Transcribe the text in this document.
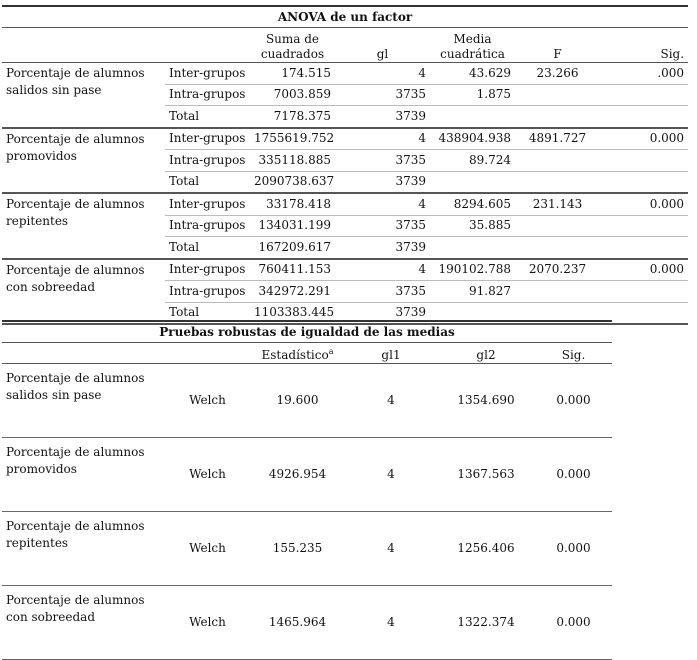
ANOVA de un factor						
		Suma de cuadrados	gl	Media cuadrática	F	Sig.
Porcentaje de alumnos salidos sin pase	Inter-grupos	174.515	4	43.629	23.266	.000
	Intra-grupos	7003.859	3735	1.875		
	Total	7178.375	3739			
Porcentaje de alumnos promovidos	Inter-grupos	1755619.752	4	438904.938	4891.727	0.000
	Intra-grupos	335118.885	3735	89.724		
	Total	2090738.637	3739			
Porcentaje de alumnos repitentes	Inter-grupos	33178.418	4	8294.605	231.143	0.000
	Intra-grupos	134031.199	3735	35.885		
	Total	167209.617	3739			
Porcentaje de alumnos con sobreedad	Inter-grupos	760411.153	4	190102.788	2070.237	0.000
	Intra-grupos	342972.291	3735	91.827		
	Total	1103383.445	3739			
Pruebas robustas de igualdad de las medias					
		Estadístico$^a$	gl1	gl2	Sig.
Porcentaje de alumnos salidos sin pase	Welch	19.600	4	1354.690	0.000
Porcentaje de alumnos promovidos	Welch	4926.954	4	1367.563	0.000
Porcentaje de alumnos repitentes	Welch	155.235	4	1256.406	0.000
Porcentaje de alumnos con sobreedad	Welch	1465.964	4	1322.374	0.000
